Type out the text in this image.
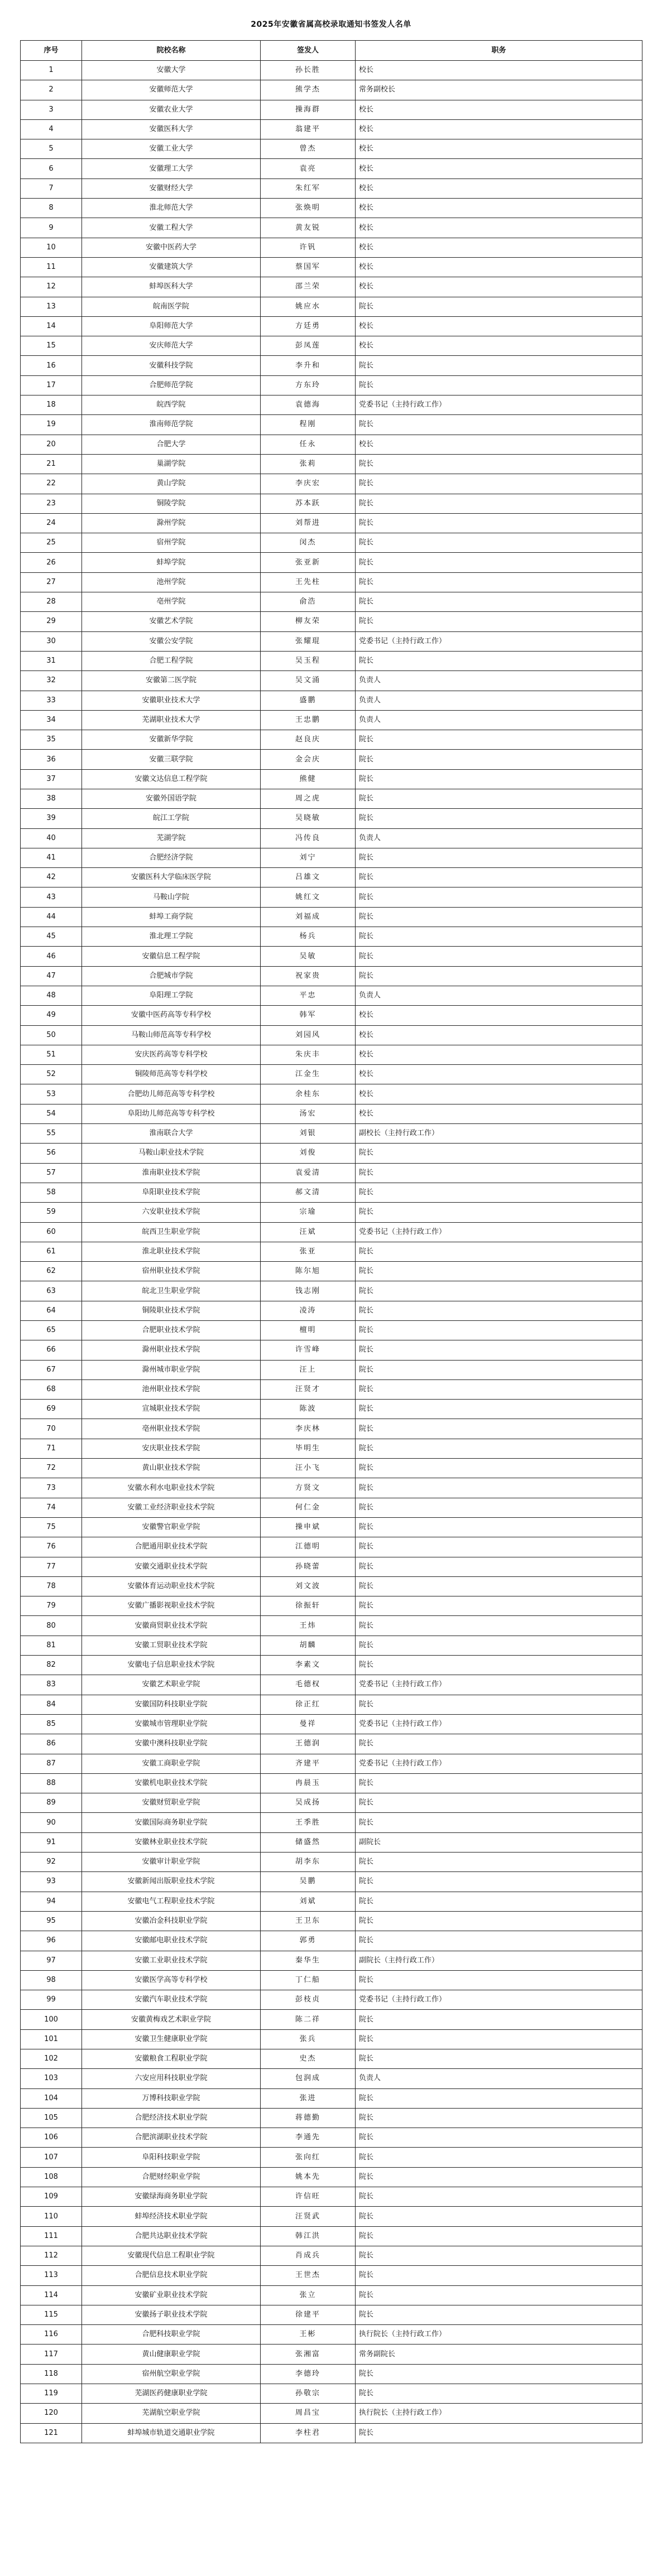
2025年安徽省属高校录取通知书签发人名单
序号	院校名称	签发人	职务
1	安徽大学	孙长胜	校长
2	安徽师范大学	熊学杰	常务副校长
3	安徽农业大学	操海群	校长
4	安徽医科大学	翁建平	校长
5	安徽工业大学	曾杰	校长
6	安徽理工大学	袁亮	校长
7	安徽财经大学	朱红军	校长
8	淮北师范大学	张焕明	校长
9	安徽工程大学	黄友锐	校长
10	安徽中医药大学	许钒	校长
11	安徽建筑大学	蔡国军	校长
12	蚌埠医科大学	邵兰荣	校长
13	皖南医学院	姚应水	院长
14	阜阳师范大学	方廷勇	校长
15	安庆师范大学	彭凤莲	校长
16	安徽科技学院	李升和	院长
17	合肥师范学院	方东玲	院长
18	皖西学院	袁德海	党委书记（主持行政工作）
19	淮南师范学院	程刚	院长
20	合肥大学	任永	校长
21	巢湖学院	张莉	院长
22	黄山学院	李庆宏	院长
23	铜陵学院	苏本跃	院长
24	滁州学院	刘帮进	院长
25	宿州学院	闵杰	院长
26	蚌埠学院	张亚新	院长
27	池州学院	王先柱	院长
28	亳州学院	俞浩	院长
29	安徽艺术学院	柳友荣	院长
30	安徽公安学院	张耀琨	党委书记（主持行政工作）
31	合肥工程学院	吴玉程	院长
32	安徽第二医学院	吴文涌	负责人
33	安徽职业技术大学	盛鹏	负责人
34	芜湖职业技术大学	王忠鹏	负责人
35	安徽新华学院	赵良庆	院长
36	安徽三联学院	金会庆	院长
37	安徽文达信息工程学院	熊健	院长
38	安徽外国语学院	周之虎	院长
39	皖江工学院	吴晓敏	院长
40	芜湖学院	冯传良	负责人
41	合肥经济学院	刘宁	院长
42	安徽医科大学临床医学院	吕雄文	院长
43	马鞍山学院	姚红文	院长
44	蚌埠工商学院	刘福成	院长
45	淮北理工学院	杨兵	院长
46	安徽信息工程学院	吴敏	院长
47	合肥城市学院	祝家贵	院长
48	阜阳理工学院	平忠	负责人
49	安徽中医药高等专科学校	韩军	校长
50	马鞍山师范高等专科学校	刘园风	校长
51	安庆医药高等专科学校	朱庆丰	校长
52	铜陵师范高等专科学校	江金生	校长
53	合肥幼儿师范高等专科学校	余桂东	校长
54	阜阳幼儿师范高等专科学校	汤宏	校长
55	淮南联合大学	刘银	副校长（主持行政工作）
56	马鞍山职业技术学院	刘俊	院长
57	淮南职业技术学院	袁爱清	院长
58	阜阳职业技术学院	郝文清	院长
59	六安职业技术学院	宗瑜	院长
60	皖西卫生职业学院	汪斌	党委书记（主持行政工作）
61	淮北职业技术学院	张亚	院长
62	宿州职业技术学院	陈尔旭	院长
63	皖北卫生职业学院	钱志刚	院长
64	铜陵职业技术学院	凌涛	院长
65	合肥职业技术学院	檀明	院长
66	滁州职业技术学院	许雪峰	院长
67	滁州城市职业学院	汪上	院长
68	池州职业技术学院	汪贤才	院长
69	宣城职业技术学院	陈波	院长
70	亳州职业技术学院	李庆林	院长
71	安庆职业技术学院	毕明生	院长
72	黄山职业技术学院	汪小飞	院长
73	安徽水利水电职业技术学院	方贤文	院长
74	安徽工业经济职业技术学院	何仁金	院长
75	安徽警官职业学院	操申斌	院长
76	合肥通用职业技术学院	江德明	院长
77	安徽交通职业技术学院	孙晓蕾	院长
78	安徽体育运动职业技术学院	刘文波	院长
79	安徽广播影视职业技术学院	徐振轩	院长
80	安徽商贸职业技术学院	王炜	院长
81	安徽工贸职业技术学院	胡麟	院长
82	安徽电子信息职业技术学院	李素文	院长
83	安徽艺术职业学院	毛德权	党委书记（主持行政工作）
84	安徽国防科技职业学院	徐正红	院长
85	安徽城市管理职业学院	曼祥	党委书记（主持行政工作）
86	安徽中澳科技职业学院	王德润	院长
87	安徽工商职业学院	齐建平	党委书记（主持行政工作）
88	安徽机电职业技术学院	冉晨玉	院长
89	安徽财贸职业学院	吴成扬	院长
90	安徽国际商务职业学院	王季胜	院长
91	安徽林业职业技术学院	储盛然	副院长
92	安徽审计职业学院	胡李东	院长
93	安徽新闻出版职业技术学院	吴鹏	院长
94	安徽电气工程职业技术学院	刘斌	院长
95	安徽冶金科技职业学院	王卫东	院长
96	安徽邮电职业技术学院	郭勇	院长
97	安徽工业职业技术学院	秦华生	副院长（主持行政工作）
98	安徽医学高等专科学校	丁仁船	院长
99	安徽汽车职业技术学院	彭枝贞	党委书记（主持行政工作）
100	安徽黄梅戏艺术职业学院	陈二祥	院长
101	安徽卫生健康职业学院	张兵	院长
102	安徽粮食工程职业学院	史杰	院长
103	六安应用科技职业学院	包润成	负责人
104	万博科技职业学院	张进	院长
105	合肥经济技术职业学院	蒋德勤	院长
106	合肥滨湖职业技术学院	李通先	院长
107	阜阳科技职业学院	张向红	院长
108	合肥财经职业学院	姚本先	院长
109	安徽绿海商务职业学院	许信旺	院长
110	蚌埠经济技术职业学院	汪贤武	院长
111	合肥共达职业技术学院	韩江洪	院长
112	安徽现代信息工程职业学院	肖成兵	院长
113	合肥信息技术职业学院	王世杰	院长
114	安徽矿业职业技术学院	张立	院长
115	安徽扬子职业技术学院	徐建平	院长
116	合肥科技职业学院	王彬	执行院长（主持行政工作）
117	黄山健康职业学院	张湘富	常务副院长
118	宿州航空职业学院	李德玲	院长
119	芜湖医药健康职业学院	孙敬宗	院长
120	芜湖航空职业学院	周昌宝	执行院长（主持行政工作）
121	蚌埠城市轨道交通职业学院	李柱君	院长
